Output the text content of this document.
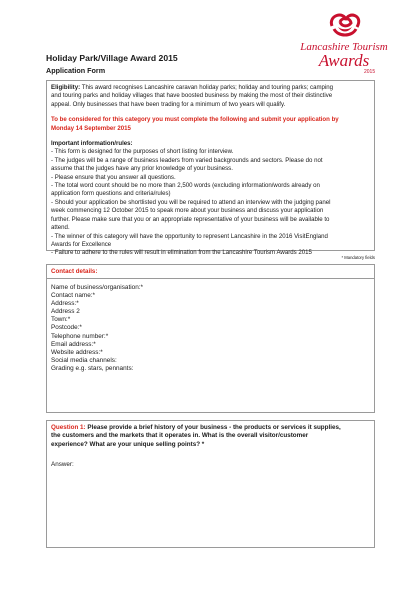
Holiday Park/Village Award 2015
Application Form
Lancashire Tourism
Awards
2015

Eligibility: This award recognises Lancashire caravan holiday parks; holiday and touring parks; camping

and touring parks and holiday villages that have boosted business by making the most of their distinctive

appeal. Only businesses that have been trading for a minimum of two years will qualify.

To be considered for this category you must complete the following and submit your application by

Monday 14 September 2015

Important information/rules:

- This form is designed for the purposes of short listing for interview.

- The judges will be a range of business leaders from varied backgrounds and sectors. Please do not

assume that the judges have any prior knowledge of your business.

- Please ensure that you answer all questions.

- The total word count should be no more than 2,500 words (excluding information/words already on

application form questions and criteria/rules)

- Should your application be shortlisted you will be required to attend an interview with the judging panel

week commencing 12 October 2015 to speak more about your business and discuss your application

further. Please make sure that you or an appropriate representative of your business will be available to

attend.

- The winner of this category will have the opportunity to represent Lancashire in the 2016 VisitEngland

Awards for Excellence

- Failure to adhere to the rules will result in elimination from the Lancashire Tourism Awards 2015

* Mandatory fields

Contact details:

Name of business/organisation:*

Contact name:*

Address:*

Address 2

Town:*

Postcode:*

Telephone number:*

Email address:*

Website address:*

Social media channels:

Grading e.g. stars, pennants:

Question 1: Please provide a brief history of your business - the products or services it supplies,

the customers and the markets that it operates in. What is the overall visitor/customer

experience? What are your unique selling points? *

Answer:
